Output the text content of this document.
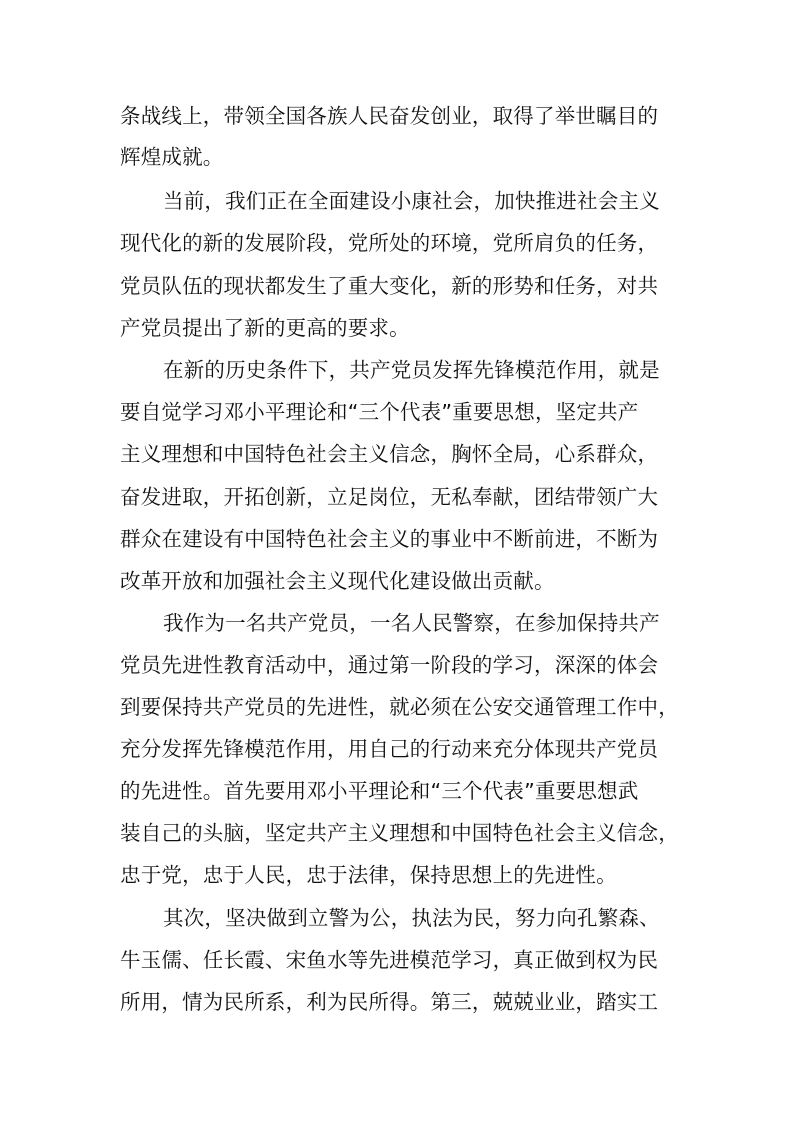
条战线上，带领全国各族人民奋发创业，取得了举世瞩目的
辉煌成就。
当前，我们正在全面建设小康社会，加快推进社会主义
现代化的新的发展阶段，党所处的环境，党所肩负的任务，
党员队伍的现状都发生了重大变化，新的形势和任务，对共
产党员提出了新的更高的要求。
在新的历史条件下，共产党员发挥先锋模范作用，就是
要自觉学习邓小平理论和“三个代表”重要思想，坚定共产
主义理想和中国特色社会主义信念，胸怀全局，心系群众，
奋发进取，开拓创新，立足岗位，无私奉献，团结带领广大
群众在建设有中国特色社会主义的事业中不断前进，不断为
改革开放和加强社会主义现代化建设做出贡献。
我作为一名共产党员，一名人民警察，在参加保持共产
党员先进性教育活动中，通过第一阶段的学习，深深的体会
到要保持共产党员的先进性，就必须在公安交通管理工作中，
充分发挥先锋模范作用，用自己的行动来充分体现共产党员
的先进性。首先要用邓小平理论和“三个代表”重要思想武
装自己的头脑，坚定共产主义理想和中国特色社会主义信念，
忠于党，忠于人民，忠于法律，保持思想上的先进性。
其次，坚决做到立警为公，执法为民，努力向孔繁森、
牛玉儒、任长霞、宋鱼水等先进模范学习，真正做到权为民
所用，情为民所系，利为民所得。第三，兢兢业业，踏实工
